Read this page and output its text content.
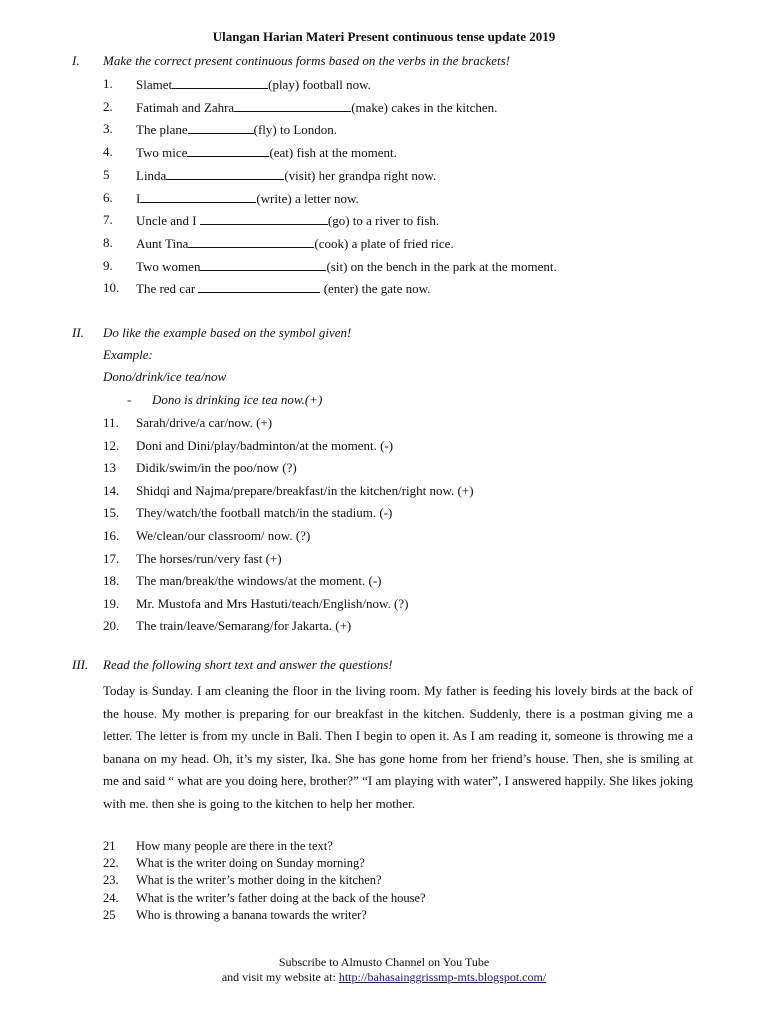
Ulangan Harian Materi Present continuous tense update 2019
I. Make the correct present continuous forms based on the verbs in the brackets!
1. Slamet	(play) football now.
2. Fatimah and Zahra	(make) cakes in the kitchen.
3. The plane	(fly) to London.
4. Two mice	(eat) fish at the moment.
5 Linda	(visit) her grandpa right now.
6. I	(write) a letter now.
7. Uncle and I	(go) to a river to fish.
8. Aunt Tina	(cook) a plate of fried rice.
9. Two women	(sit) on the bench in the park at the moment.
10. The red car	(enter) the gate now.
II. Do like the example based on the symbol given!
Example:
Dono/drink/ice tea/now
- Dono is drinking ice tea now.(+)
11. Sarah/drive/a car/now. (+)
12. Doni and Dini/play/badminton/at the moment. (-)
13 Didik/swim/in the poo/now (?)
14. Shidqi and Najma/prepare/breakfast/in the kitchen/right now. (+)
15. They/watch/the football match/in the stadium. (-)
16. We/clean/our classroom/ now. (?)
17. The horses/run/very fast (+)
18. The man/break/the windows/at the moment. (-)
19. Mr. Mustofa and Mrs Hastuti/teach/English/now. (?)
20. The train/leave/Semarang/for Jakarta. (+)
III. Read the following short text and answer the questions!
Today is Sunday. I am cleaning the floor in the living room. My father is feeding his lovely birds at the back of the house. My mother is preparing for our breakfast in the kitchen. Suddenly, there is a postman giving me a letter. The letter is from my uncle in Bali. Then I begin to open it. As I am reading it, someone is throwing me a banana on my head. Oh, it’s my sister, Ika. She has gone home from her friend’s house. Then, she is smiling at me and said “ what are you doing here, brother?” “I am playing with water”, I answered happily. She likes joking with me. then she is going to the kitchen to help her mother.
21 How many people are there in the text?
22. What is the writer doing on Sunday morning?
23. What is the writer’s mother doing in the kitchen?
24. What is the writer’s father doing at the back of the house?
25 Who is throwing a banana towards the writer?
Subscribe to Almusto Channel on You Tube
and visit my website at: http://bahasainggrissmp-mts.blogspot.com/
